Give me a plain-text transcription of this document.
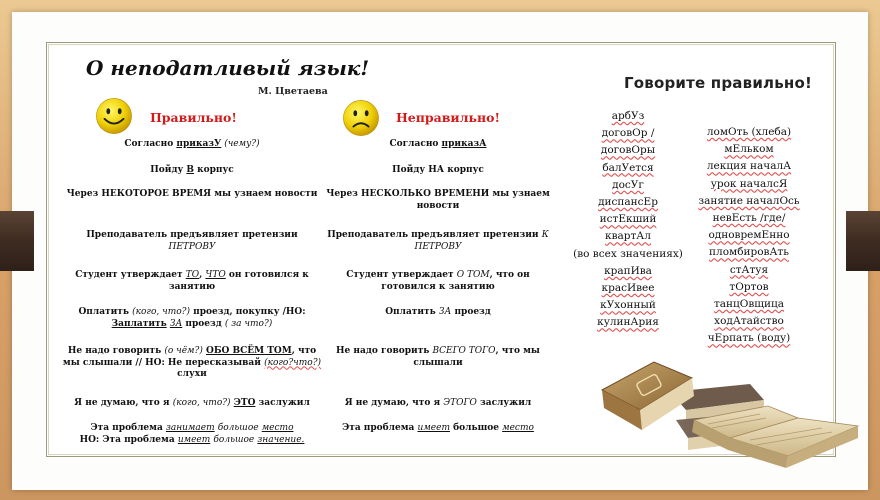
О неподатливый язык!
М. Цветаева	Говорите правильно!
Правильно!	Неправильно!
Согласно приказУ (чему?)
Пойду В корпус
Через НЕКОТОРОЕ ВРЕМЯ мы узнаем новости
Преподаватель предъявляет претензии ПЕТРОВУ
Студент утверждает ТО, ЧТО он готовился к занятию
Оплатить (кого, что?) проезд, покупку /НО: Заплатить ЗА проезд ( за что?)
Не надо говорить (о чём?) ОБО ВСЁМ ТОМ, что мы слышали // НО: Не пересказывай (кого?что?) слухи
Я не думаю, что я (кого, что?) ЭТО заслужил
Эта проблема занимает большое место
НО: Эта проблема имеет большое значение.
Согласно приказА
Пойду НА корпус
Через НЕСКОЛЬКО ВРЕМЕНИ мы узнаем новости
Преподаватель предъявляет претензии К ПЕТРОВУ
Студент утверждает О ТОМ, что он готовился к занятию
Оплатить ЗА проезд
Не надо говорить ВСЕГО ТОГО, что мы слышали
Я не думаю, что я ЭТОГО заслужил
Эта проблема имеет большое место
арбУз
договОр /
договОры
балУется
досУг
диспансЕр
истЕкший
квартАл
(во всех значениях)
крапИва
красИвее
кУхонный
кулинАрия
ломОть (хлеба)
мЕльком
лекция началА
урок началсЯ
занятие началОсь
невЕсть /где/
одновремЕнно
пломбировАть
стАтуя
тОртов
танцОвщица
ходАтайство
чЕрпать (воду)
